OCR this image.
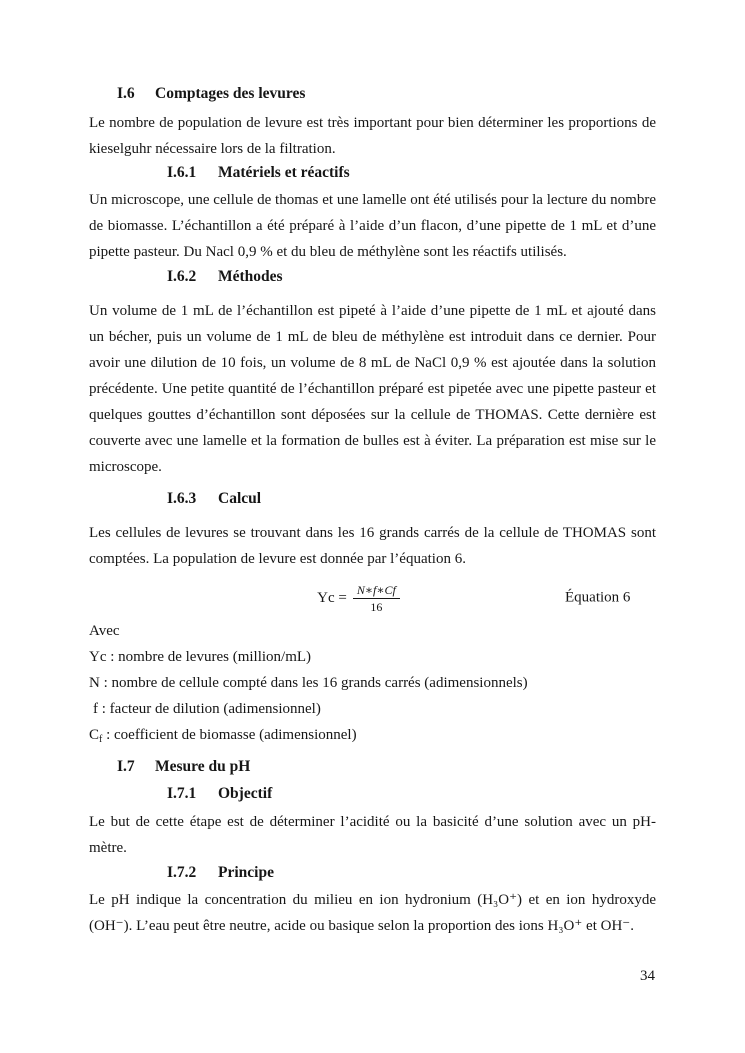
I.6 Comptages des levures

Le nombre de population de levure est très important pour bien déterminer les proportions de kieselguhr nécessaire lors de la filtration.

I.6.1 Matériels et réactifs

Un microscope, une cellule de thomas et une lamelle ont été utilisés pour la lecture du nombre de biomasse. L’échantillon a été préparé à l’aide d’un flacon, d’une pipette de 1 mL et d’une pipette pasteur. Du Nacl 0,9 % et du bleu de méthylène sont les réactifs utilisés.

I.6.2 Méthodes

Un volume de 1 mL de l’échantillon est pipeté à l’aide d’une pipette de 1 mL et ajouté dans un bécher, puis un volume de 1 mL de bleu de méthylène est introduit dans ce dernier. Pour avoir une dilution de 10 fois, un volume de 8 mL de NaCl 0,9 % est ajoutée dans la solution précédente. Une petite quantité de l’échantillon préparé est pipetée avec une pipette pasteur et quelques gouttes d’échantillon sont déposées sur la cellule de THOMAS. Cette dernière est couverte avec une lamelle et la formation de bulles est à éviter. La préparation est mise sur le microscope.

I.6.3 Calcul

Les cellules de levures se trouvant dans les 16 grands carrés de la cellule de THOMAS sont comptées. La population de levure est donnée par l’équation 6.

$Yc = \frac{N∗f∗Cf}{16}$	Équation 6
Avec
Yc : nombre de levures (million/mL)
N : nombre de cellule compté dans les 16 grands carrés (adimensionnels)
f : facteur de dilution (adimensionnel)
$C_f$ : coefficient de biomasse (adimensionnel)
I.7 Mesure du pH
I.7.1 Objectif

Le but de cette étape est de déterminer l’acidité ou la basicité d’une solution avec un pH-mètre.

I.7.2 Principe

Le pH indique la concentration du milieu en ion hydronium (H₃O⁺) et en ion hydroxyde (OH⁻). L’eau peut être neutre, acide ou basique selon la proportion des ions H₃O⁺ et OH⁻.

34
